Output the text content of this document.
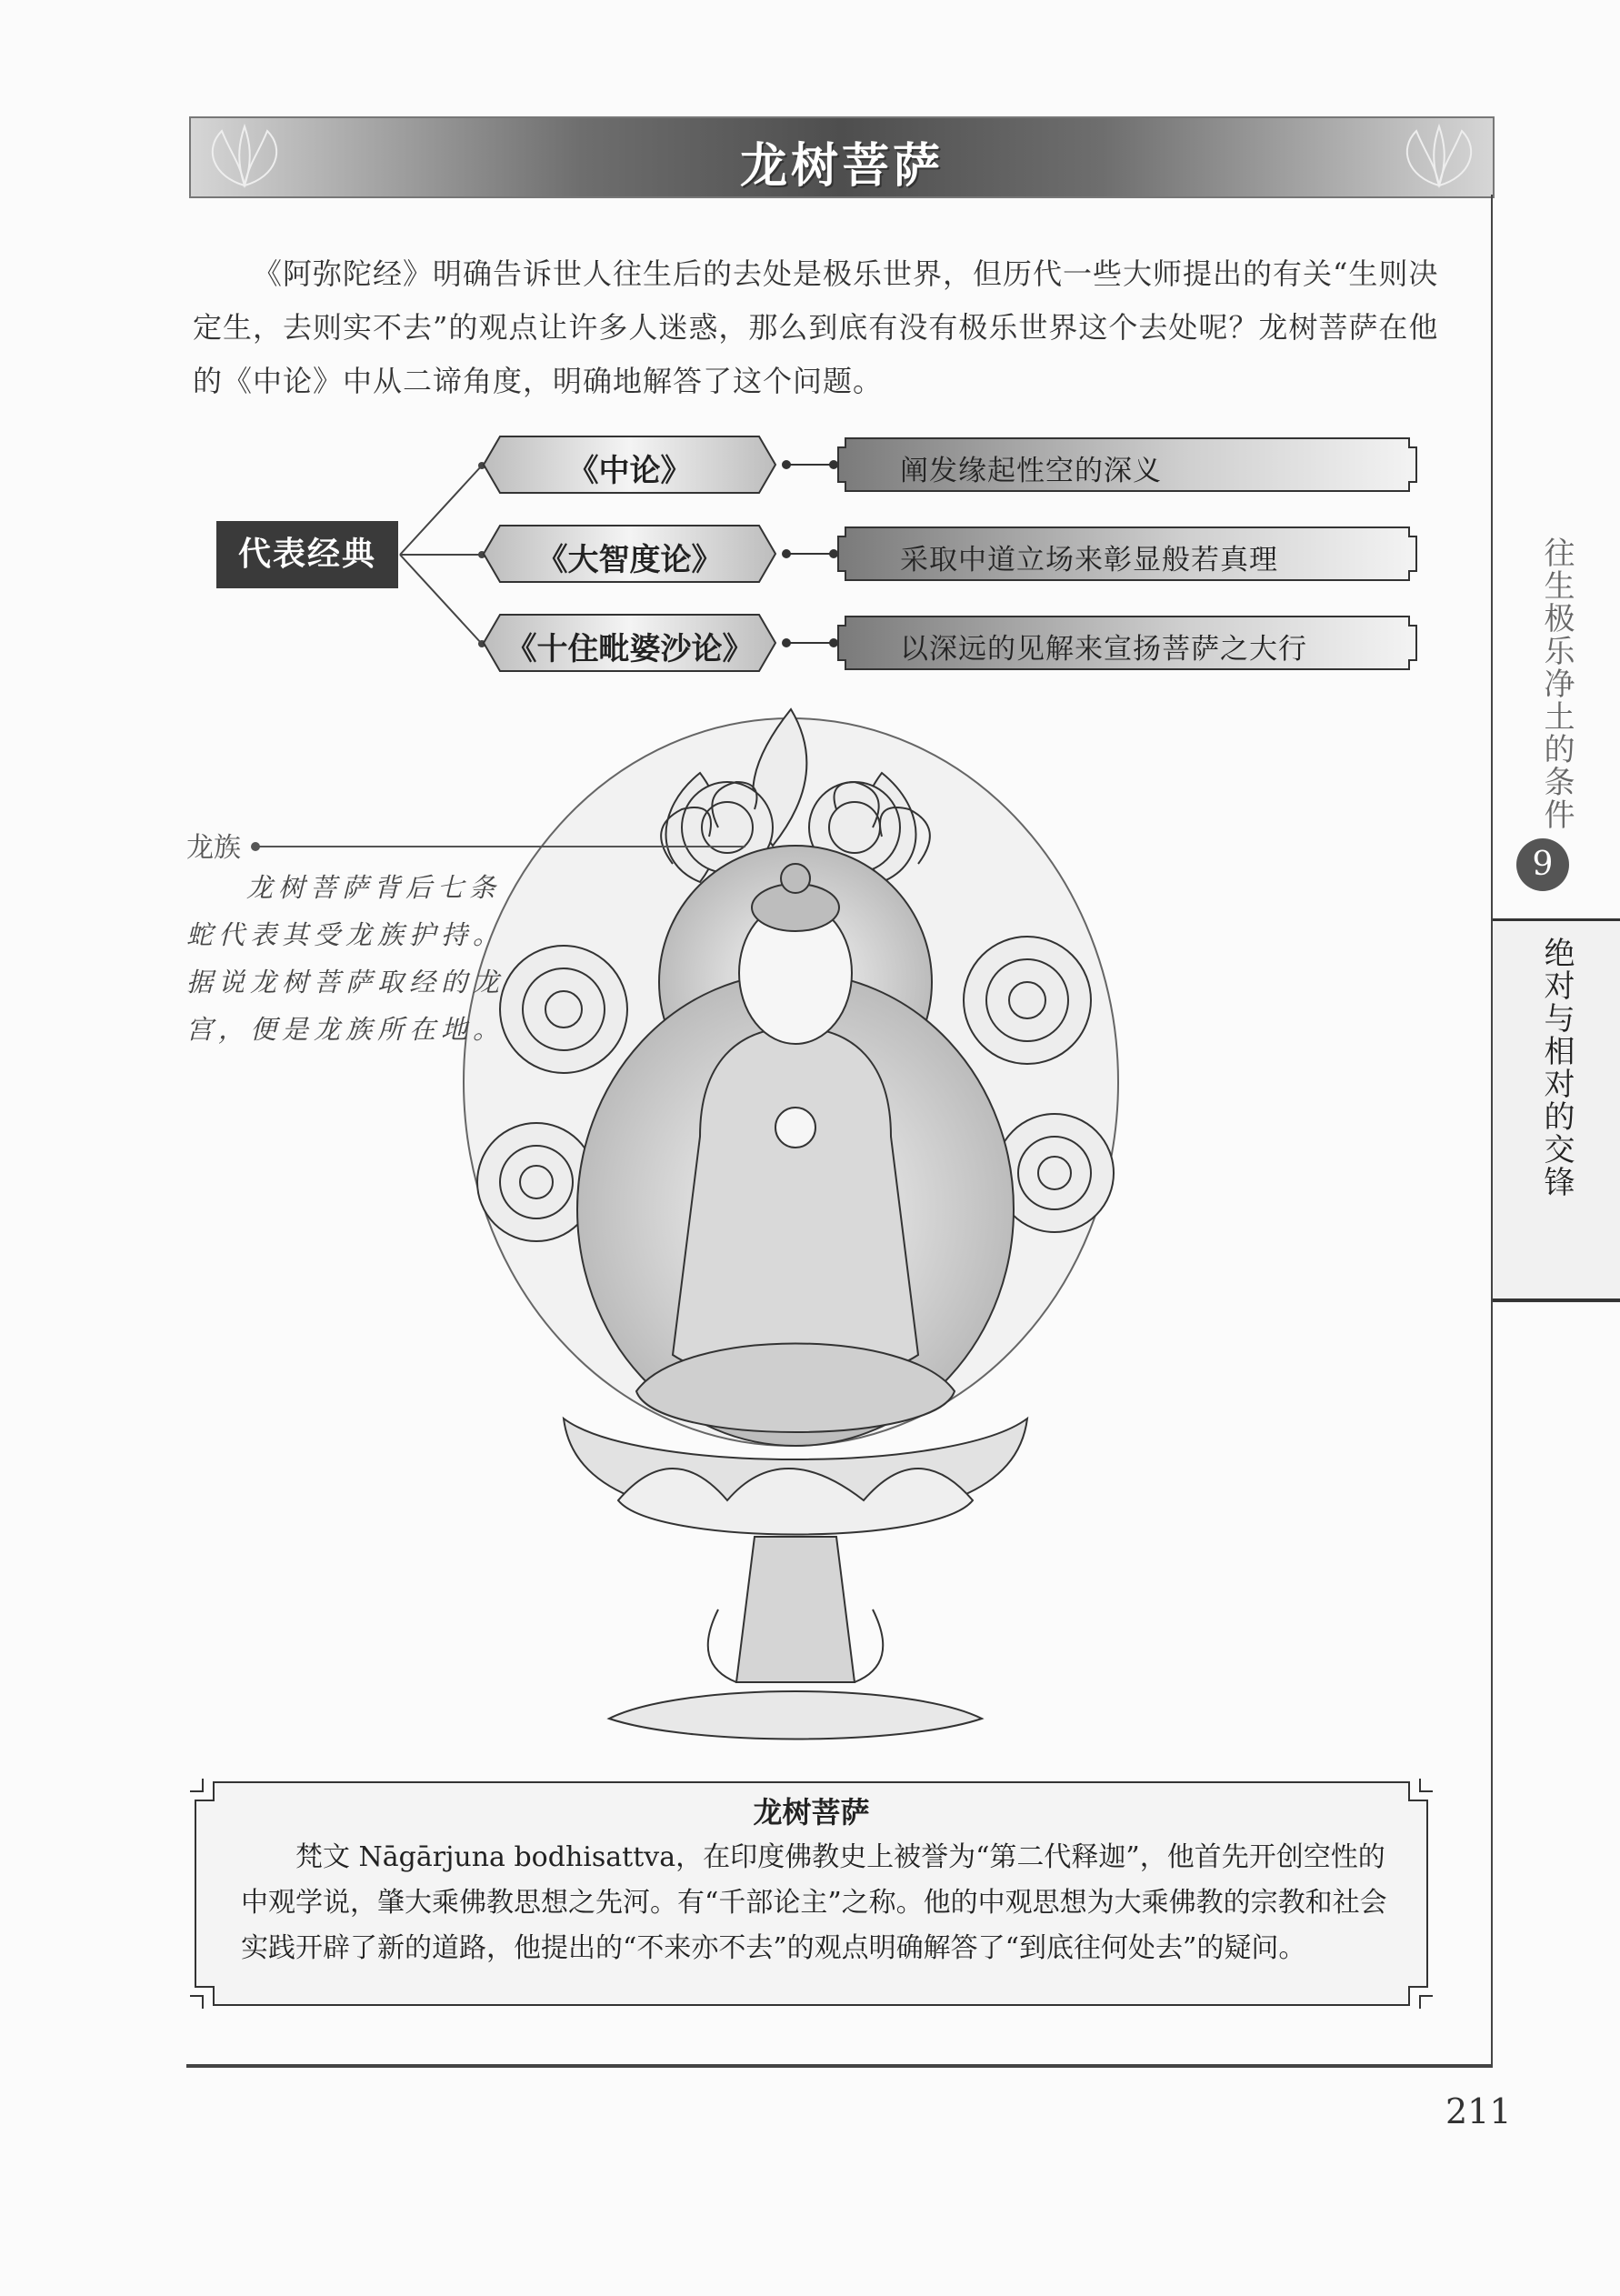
龙树菩萨
往生极乐净土的条件
9
绝对与相对的交锋
《阿弥陀经》明确告诉世人往生后的去处是极乐世界，但历代一些大师提出的有关“生则决定生，去则实不去”的观点让许多人迷惑，那么到底有没有极乐世界这个去处呢？龙树菩萨在他的《中论》中从二谛角度，明确地解答了这个问题。
代表经典
《中论》
《大智度论》
《十住毗婆沙论》
阐发缘起性空的深义
采取中道立场来彰显般若真理
以深远的见解来宣扬菩萨之大行
龙族
龙树菩萨背后七条蛇代表其受龙族护持。据说龙树菩萨取经的龙宫，便是龙族所在地。
龙树菩萨
梵文 Nāgārjuna bodhisattva，在印度佛教史上被誉为“第二代释迦”，他首先开创空性的中观学说，肇大乘佛教思想之先河。有“千部论主”之称。他的中观思想为大乘佛教的宗教和社会实践开辟了新的道路，他提出的“不来亦不去”的观点明确解答了“到底往何处去”的疑问。
211
